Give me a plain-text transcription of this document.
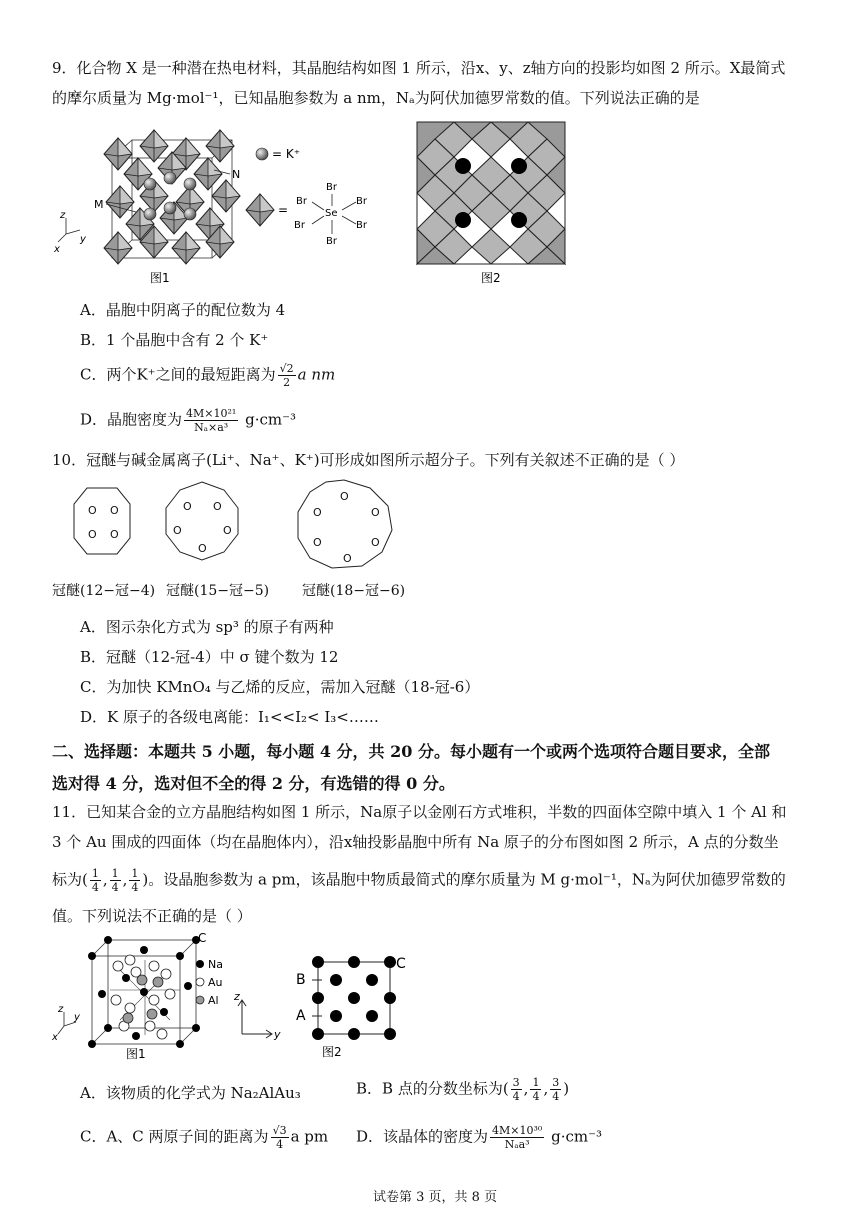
9．化合物 X 是一种潜在热电材料，其晶胞结构如图 1 所示，沿x、y、z轴方向的投影均如图 2 所示。X最简式
的摩尔质量为 Mg·mol⁻¹，已知晶胞参数为 a nm，Nₐ为阿伏加德罗常数的值。下列说法正确的是
N
M
z
x
y
= K⁺
=
Br
Br	Br
Se
Br	Br
Br
图1	图2
A．晶胞中阴离子的配位数为 4
B．1 个晶胞中含有 2 个 K⁺
C．两个K⁺之间的最短距离为 $\frac{√2}{2}$ a nm
D．晶胞密度为 $\frac{\text{4M×10²¹}}{\text{Nₐ×a³}} g\cdot cm^{-3}$
10．冠醚与碱金属离子(Li⁺、Na⁺、K⁺)可形成如图所示超分子。下列有关叙述不正确的是（ ）
O O
O O
O O
O	O
O
O
O	O
O	O
O
冠醚(12−冠−4) 冠醚(15−冠−5) 冠醚(18−冠−6)
A．图示杂化方式为 sp³ 的原子有两种
B．冠醚（12-冠-4）中 σ 键个数为 12
C．为加快 KMnO₄ 与乙烯的反应，需加入冠醚（18-冠-6）
D．K 原子的各级电离能：I₁<<I₂< I₃<……
二、选择题：本题共 5 小题，每小题 4 分，共 20 分。每小题有一个或两个选项符合题目要求，全部
选对得 4 分，选对但不全的得 2 分，有选错的得 0 分。
11．已知某合金的立方晶胞结构如图 1 所示，Na原子以金刚石方式堆积，半数的四面体空隙中填入 1 个 Al 和
3 个 Au 围成的四面体（均在晶胞体内），沿x轴投影晶胞中所有 Na 原子的分布图如图 2 所示，A 点的分数坐
标为( $\frac{1}{4}$ , $\frac{1}{4}$ , $\frac{1}{4}$ )。设晶胞参数为 a pm，该晶胞中物质最简式的摩尔质量为 M g·mol⁻¹，Nₐ为阿伏加德罗常数的
值。下列说法不正确的是（ ）
C
Na
Au
Al
z
y
x
图1
z
y
B
A
C
图2
A．该物质的化学式为 Na₂AlAu₃	B．B 点的分数坐标为( $\frac{3}{4}$ , $\frac{1}{4}$ , $\frac{3}{4}$ )
C．A、C 两原子间的距离为 $\frac{√3}{4}$ a pm D．该晶体的密度为 $\frac{\text{4M×10³⁰}}{\text{Nₐa³}} g\cdot cm^{-3}$
试卷第 3 页，共 8 页
